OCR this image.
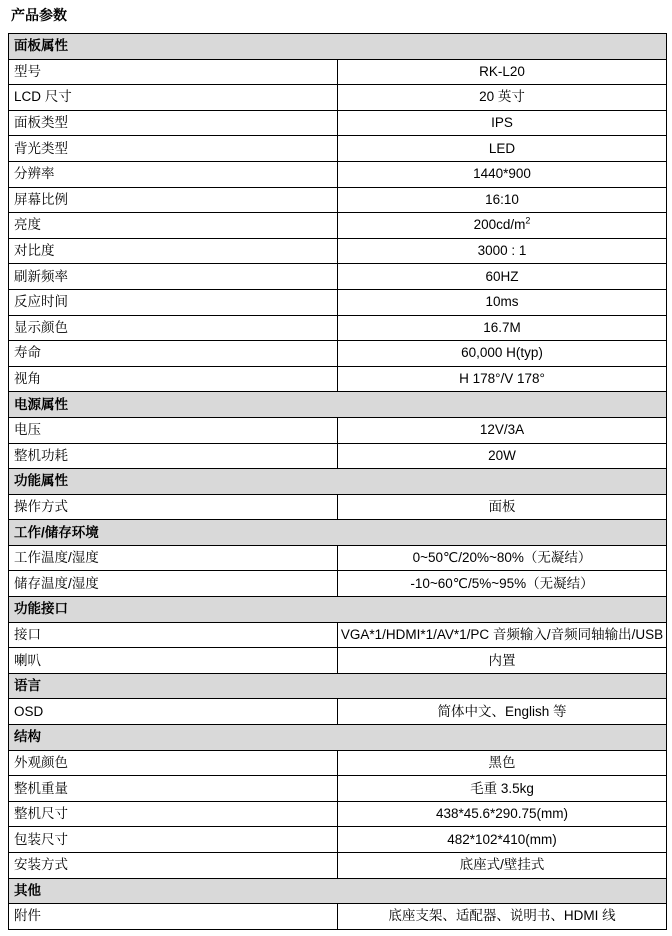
产品参数
面板属性	
型号	RK-L20
LCD 尺寸	20 英寸
面板类型	IPS
背光类型	LED
分辨率	1440*900
屏幕比例	16:10
亮度	$200cd/m^2$
对比度	3000 : 1
刷新频率	60HZ
反应时间	10ms
显示颜色	16.7M
寿命	60,000 H(typ)
视角	H 178°/V 178°
电源属性	
电压	12V/3A
整机功耗	20W
功能属性	
操作方式	面板
工作/储存环境	
工作温度/湿度	0~50℃/20%~80%（无凝结）
储存温度/湿度	-10~60℃/5%~95%（无凝结）
功能接口	
接口	VGA*1/HDMI*1/AV*1/PC 音频输入/音频同轴输出/USB
喇叭	内置
语言	
OSD	简体中文、English 等
结构	
外观颜色	黑色
整机重量	毛重 3.5kg
整机尺寸	438*45.6*290.75(mm)
包装尺寸	482*102*410(mm)
安装方式	底座式/壁挂式
其他	
附件	底座支架、适配器、说明书、HDMI 线
